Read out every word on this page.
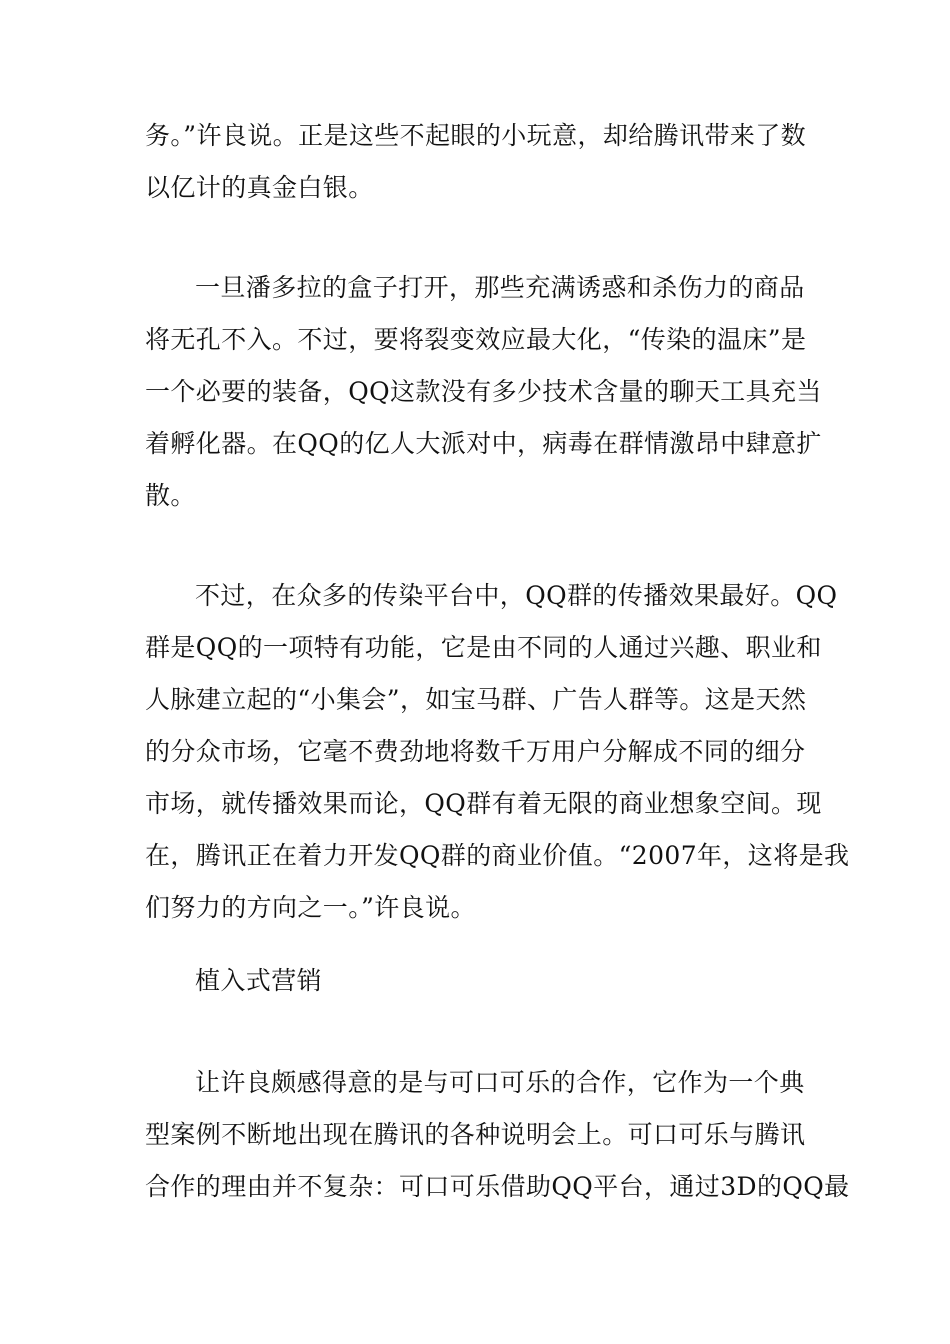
务。”许良说。正是这些不起眼的小玩意，却给腾讯带来了数
以亿计的真金白银。
一旦潘多拉的盒子打开，那些充满诱惑和杀伤力的商品
将无孔不入。不过，要将裂变效应最大化，“传染的温床”是
一个必要的装备，QQ这款没有多少技术含量的聊天工具充当
着孵化器。在QQ的亿人大派对中，病毒在群情激昂中肆意扩
散。
不过，在众多的传染平台中，QQ群的传播效果最好。QQ
群是QQ的一项特有功能，它是由不同的人通过兴趣、职业和
人脉建立起的“小集会”，如宝马群、广告人群等。这是天然
的分众市场，它毫不费劲地将数千万用户分解成不同的细分
市场，就传播效果而论，QQ群有着无限的商业想象空间。现
在，腾讯正在着力开发QQ群的商业价值。“2007年，这将是我
们努力的方向之一。”许良说。
植入式营销
让许良颇感得意的是与可口可乐的合作，它作为一个典
型案例不断地出现在腾讯的各种说明会上。可口可乐与腾讯
合作的理由并不复杂：可口可乐借助QQ平台，通过3D的QQ最
